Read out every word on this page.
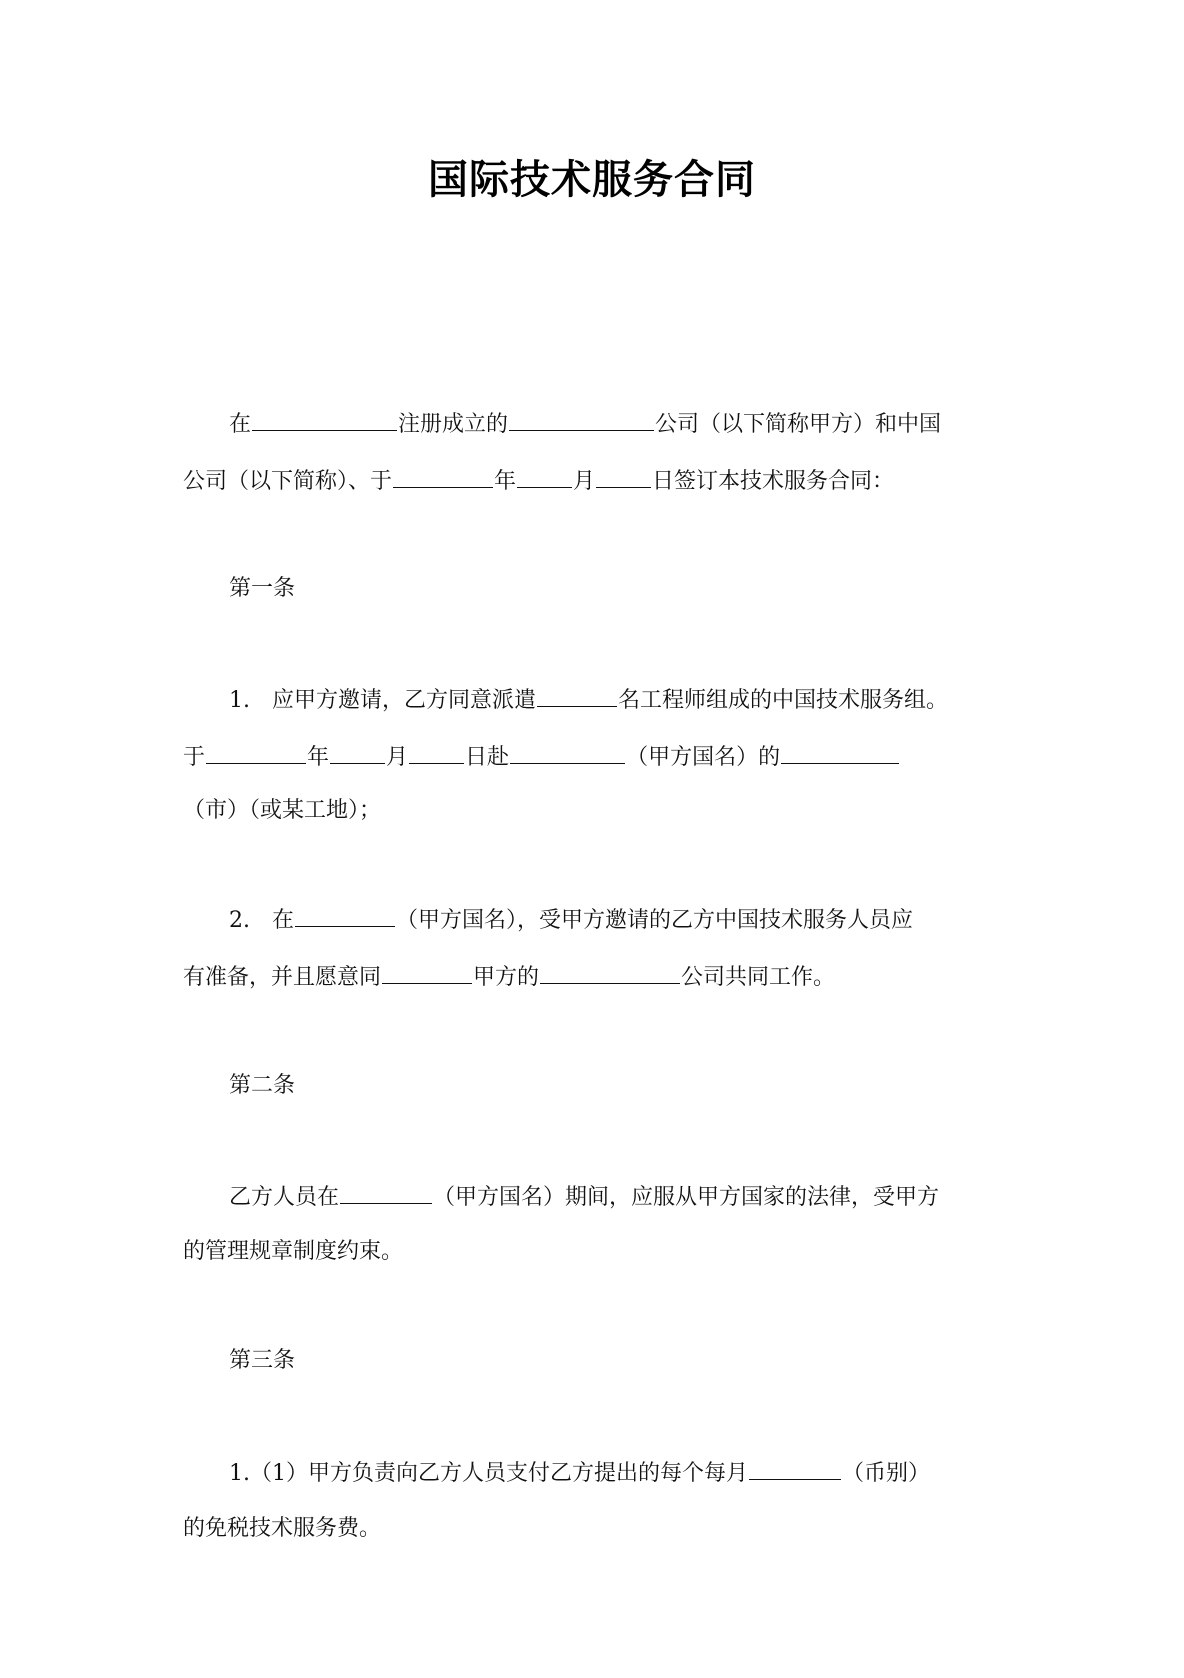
国际技术服务合同
在	注册成立的	公司（以下简称甲方）和中国
公司（以下简称）、于	年	月	日签订本技术服务合同：
第一条
1.　应甲方邀请，乙方同意派遣	名工程师组成的中国技术服务组。
于	年	月	日赴	（甲方国名）的
（市）（或某工地）；
2.　在	（甲方国名），受甲方邀请的乙方中国技术服务人员应
有准备，并且愿意同	甲方的	公司共同工作。
第二条
乙方人员在	（甲方国名）期间，应服从甲方国家的法律，受甲方
的管理规章制度约束。
第三条
1.（1）甲方负责向乙方人员支付乙方提出的每个每月	（币别）
的免税技术服务费。
